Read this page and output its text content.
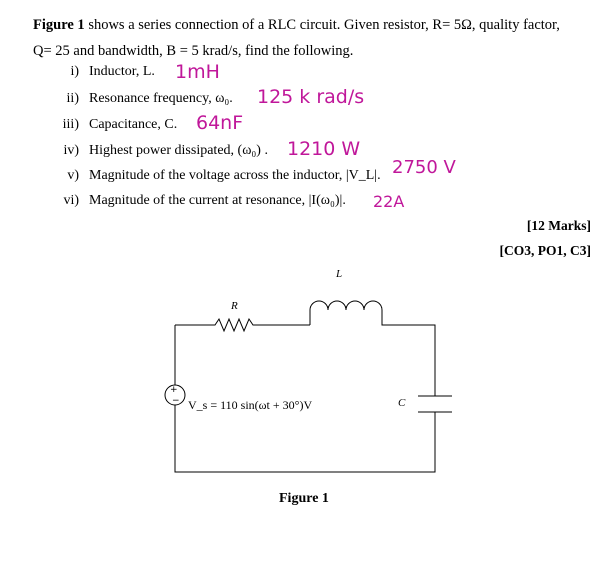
Figure 1 shows a series connection of a RLC circuit. Given resistor, R= 5Ω, quality factor,
Q= 25 and bandwidth, B = 5 krad/s, find the following.
i) Inductor, L. 1mH
ii) Resonance frequency, ω₀. 125 k rad/s
iii) Capacitance, C. 64nF
iv) Highest power dissipated, (ω₀) . 1210 W
v) Magnitude of the voltage across the inductor, |V_L|. 2750 V
vi) Magnitude of the current at resonance, |I(ω₀)|. 22A
[12 Marks]
[CO3, PO1, C3]
+
−
R
L
C
V_s = 110 sin(ωt + 30°)V
Figure 1
